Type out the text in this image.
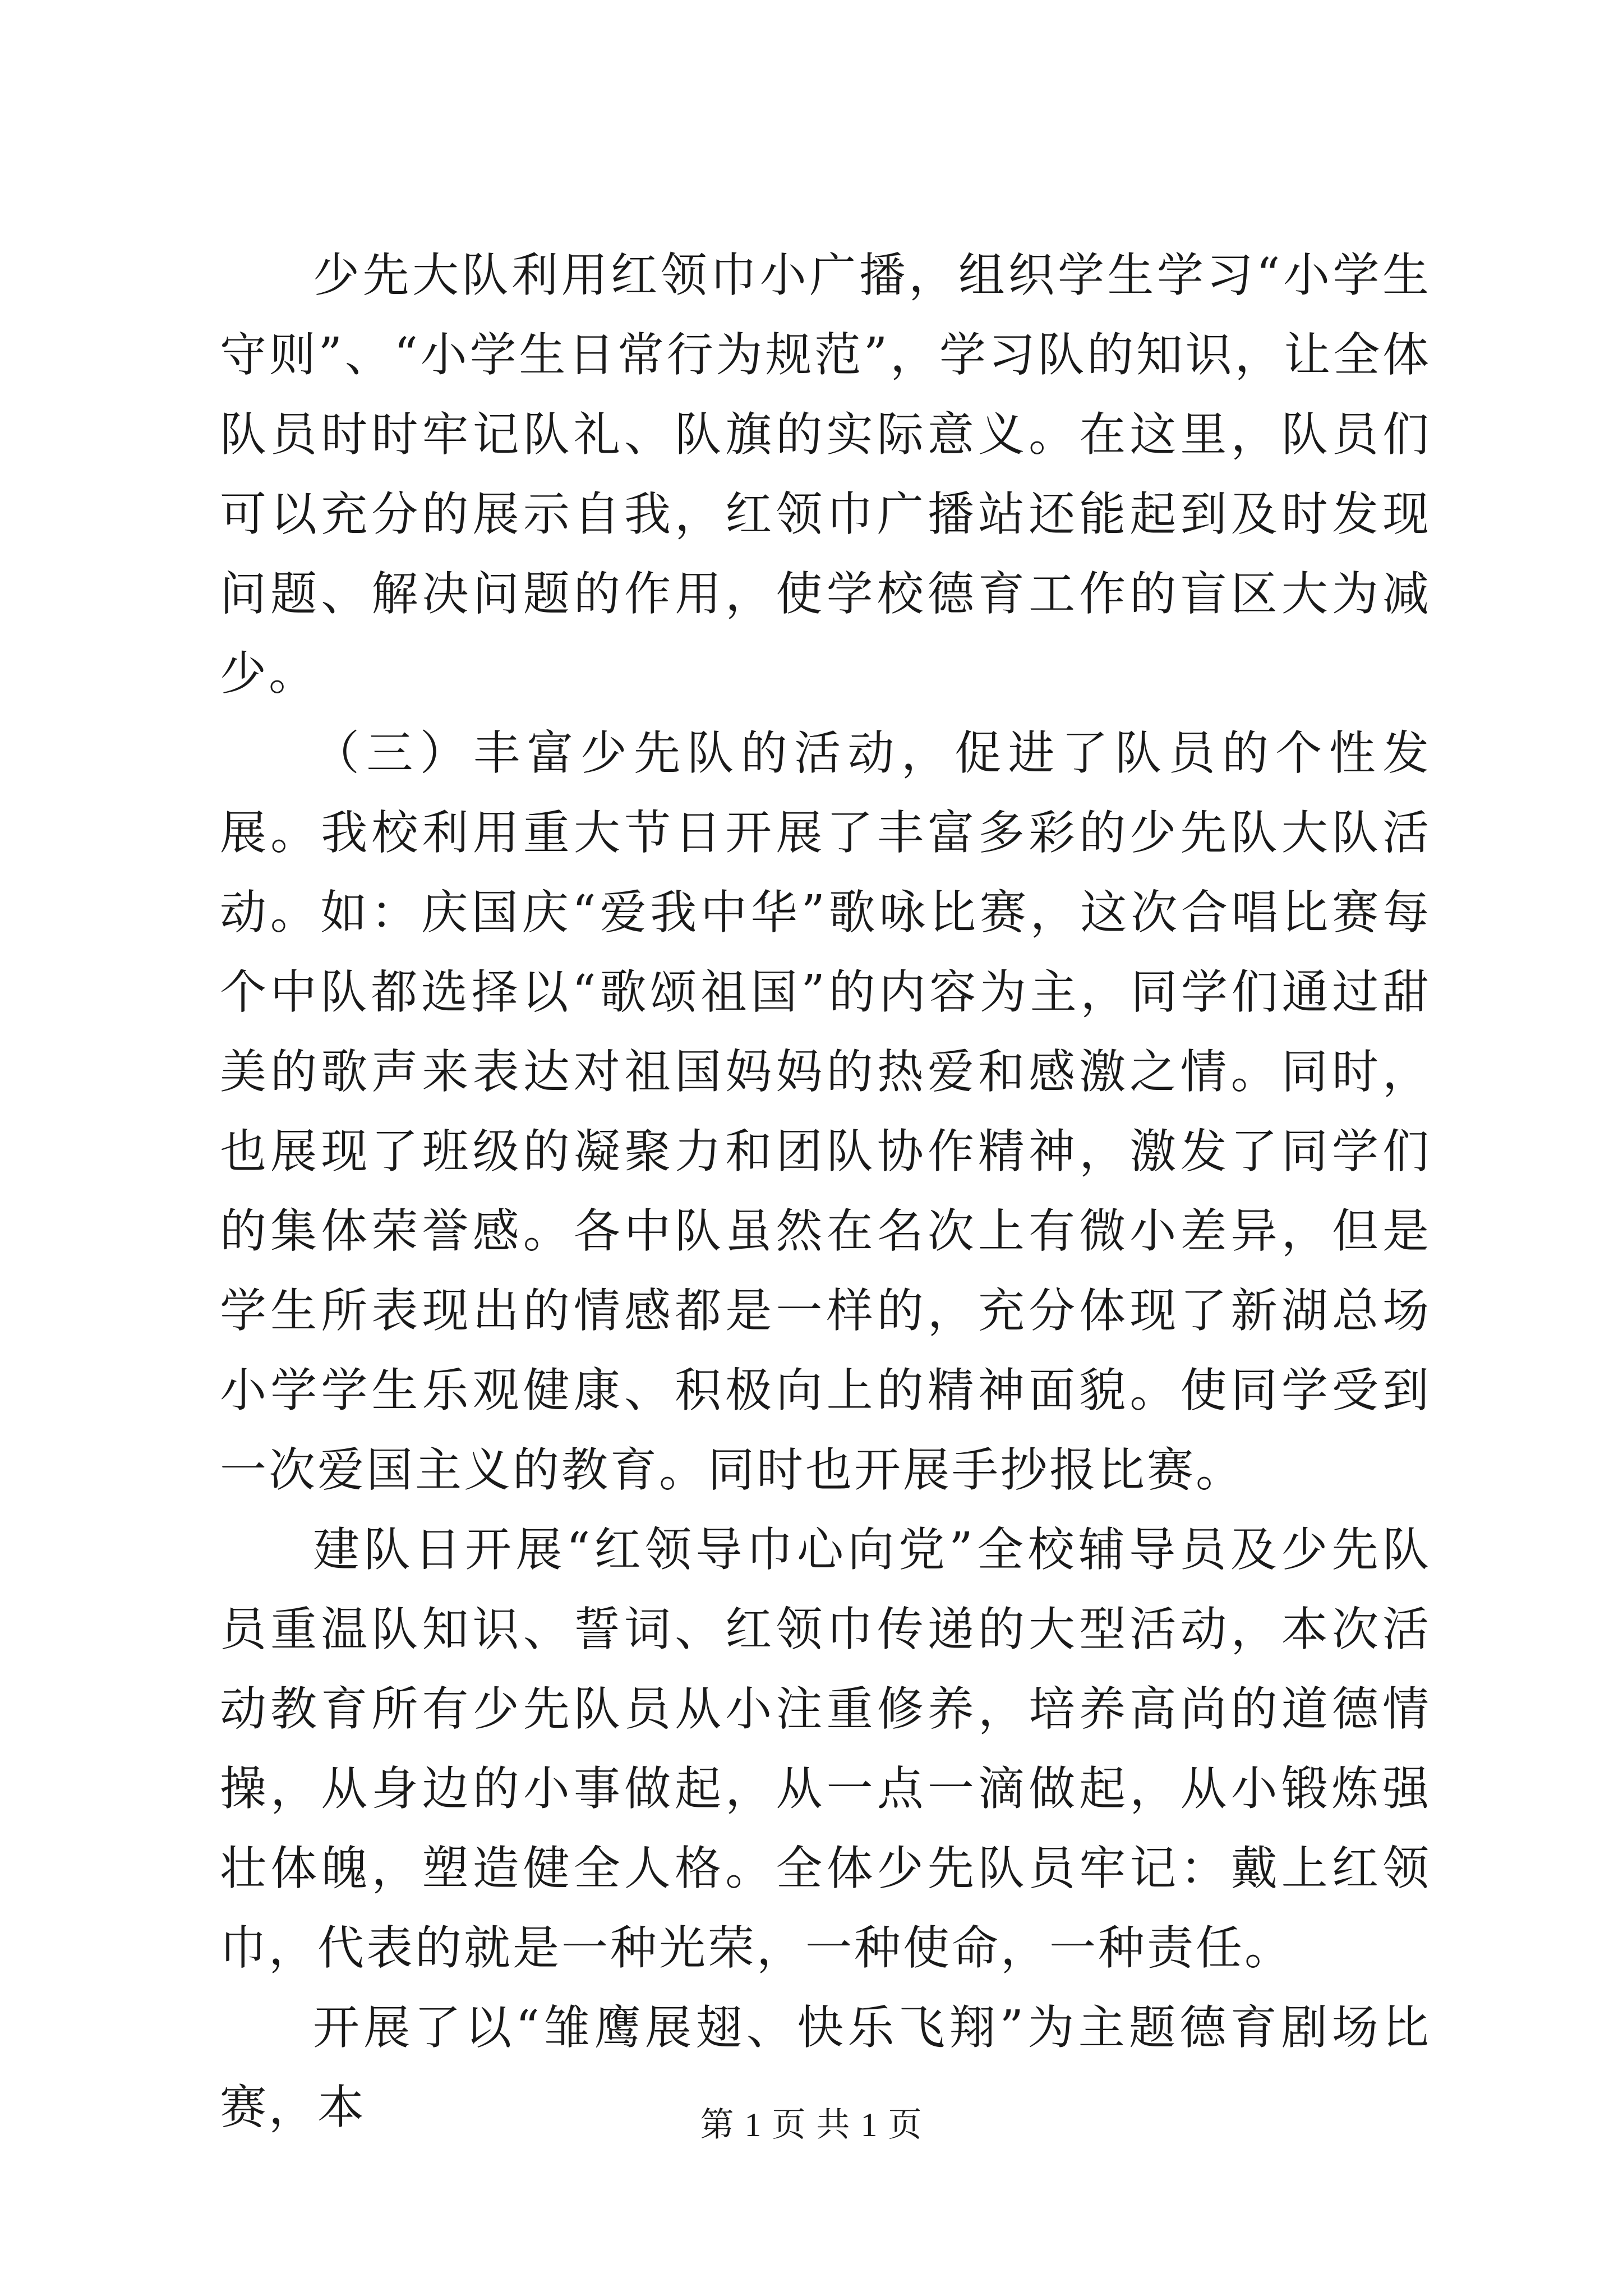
少先大队利用红领巾小广播，组织学生学习“小学生守则”、“小学生日常行为规范”，学习队的知识，让全体队员时时牢记队礼、队旗的实际意义。在这里，队员们可以充分的展示自我，红领巾广播站还能起到及时发现问题、解决问题的作用，使学校德育工作的盲区大为减少。

（三）丰富少先队的活动，促进了队员的个性发展。我校利用重大节日开展了丰富多彩的少先队大队活动。如：庆国庆“爱我中华”歌咏比赛，这次合唱比赛每个中队都选择以“歌颂祖国”的内容为主，同学们通过甜美的歌声来表达对祖国妈妈的热爱和感激之情。同时，也展现了班级的凝聚力和团队协作精神，激发了同学们的集体荣誉感。各中队虽然在名次上有微小差异，但是学生所表现出的情感都是一样的，充分体现了新湖总场小学学生乐观健康、积极向上的精神面貌。使同学受到一次爱国主义的教育。同时也开展手抄报比赛。

建队日开展“红领导巾心向党”全校辅导员及少先队员重温队知识、誓词、红领巾传递的大型活动，本次活动教育所有少先队员从小注重修养，培养高尚的道德情操，从身边的小事做起，从一点一滴做起，从小锻炼强壮体魄，塑造健全人格。全体少先队员牢记：戴上红领巾，代表的就是一种光荣，一种使命，一种责任。

开展了以“雏鹰展翅、快乐飞翔”为主题德育剧场比赛，本	第 1 页 共 1 页
